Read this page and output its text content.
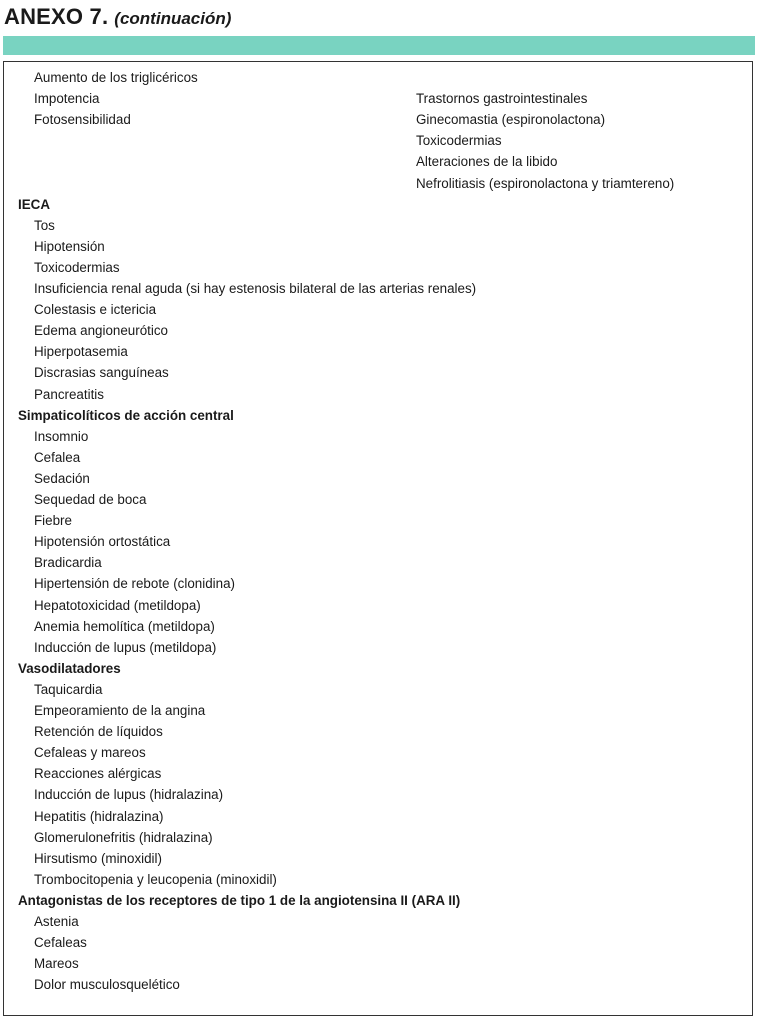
ANEXO 7. (continuación)
Aumento de los triglicéricos
Impotencia	Trastornos gastrointestinales
Fotosensibilidad	Ginecomastia (espironolactona)
Toxicodermias
Alteraciones de la libido
Nefrolitiasis (espironolactona y triamtereno)
IECA
Tos
Hipotensión
Toxicodermias
Insuficiencia renal aguda (si hay estenosis bilateral de las arterias renales)
Colestasis e ictericia
Edema angioneurótico
Hiperpotasemia
Discrasias sanguíneas
Pancreatitis
Simpaticolíticos de acción central
Insomnio
Cefalea
Sedación
Sequedad de boca
Fiebre
Hipotensión ortostática
Bradicardia
Hipertensión de rebote (clonidina)
Hepatotoxicidad (metildopa)
Anemia hemolítica (metildopa)
Inducción de lupus (metildopa)
Vasodilatadores
Taquicardia
Empeoramiento de la angina
Retención de líquidos
Cefaleas y mareos
Reacciones alérgicas
Inducción de lupus (hidralazina)
Hepatitis (hidralazina)
Glomerulonefritis (hidralazina)
Hirsutismo (minoxidil)
Trombocitopenia y leucopenia (minoxidil)
Antagonistas de los receptores de tipo 1 de la angiotensina II (ARA II)
Astenia
Cefaleas
Mareos
Dolor musculosquelético
